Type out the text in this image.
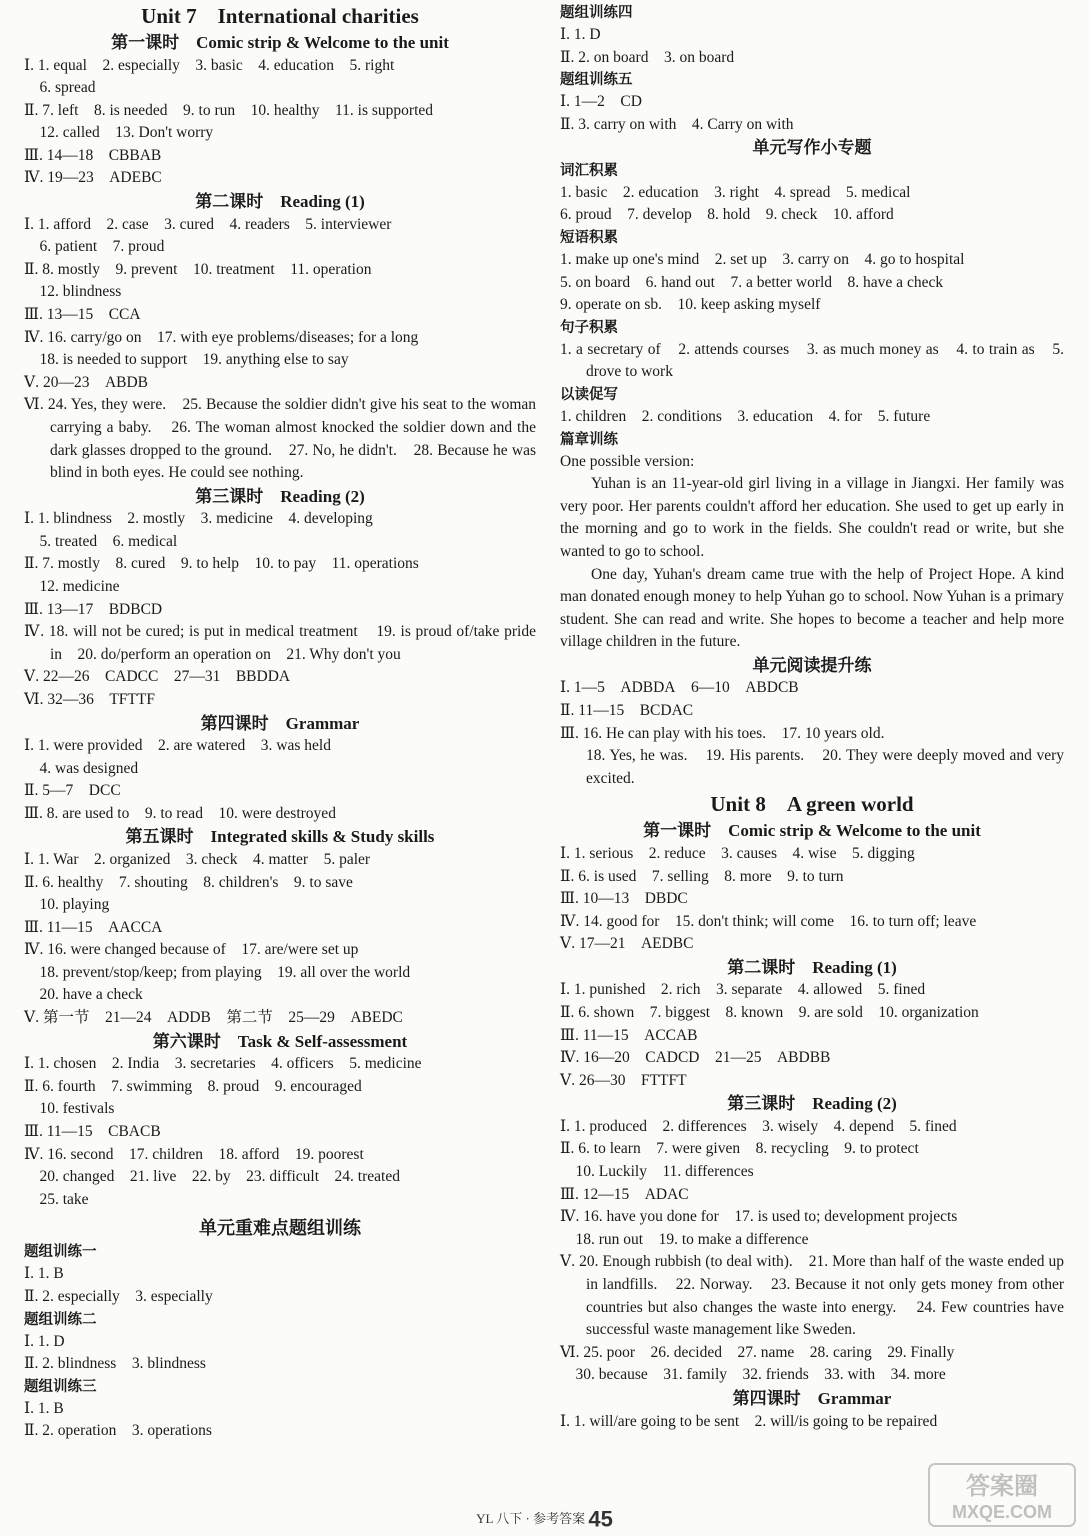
Unit 7    International charities
第一课时    Comic strip & Welcome to the unit
Ⅰ. 1. equal    2. especially    3. basic    4. education    5. right
6. spread
Ⅱ. 7. left    8. is needed    9. to run    10. healthy    11. is supported
12. called    13. Don't worry
Ⅲ. 14—18    CBBAB
Ⅳ. 19—23    ADEBC
第二课时    Reading (1)
Ⅰ. 1. afford    2. case    3. cured    4. readers    5. interviewer
6. patient    7. proud
Ⅱ. 8. mostly    9. prevent    10. treatment    11. operation
12. blindness
Ⅲ. 13—15    CCA
Ⅳ. 16. carry/go on    17. with eye problems/diseases; for a long
18. is needed to support    19. anything else to say
Ⅴ. 20—23    ABDB
Ⅵ. 24. Yes, they were.    25. Because the soldier didn't give his seat to the woman carrying a baby.    26. The woman almost knocked the soldier down and the dark glasses dropped to the ground.    27. No, he didn't.    28. Because he was blind in both eyes. He could see nothing.
第三课时    Reading (2)
Ⅰ. 1. blindness    2. mostly    3. medicine    4. developing
5. treated    6. medical
Ⅱ. 7. mostly    8. cured    9. to help    10. to pay    11. operations
12. medicine
Ⅲ. 13—17    BDBCD
Ⅳ. 18. will not be cured; is put in medical treatment    19. is proud of/take pride in    20. do/perform an operation on    21. Why don't you
Ⅴ. 22—26    CADCC    27—31    BBDDA
Ⅵ. 32—36    TFTTF
第四课时    Grammar
Ⅰ. 1. were provided    2. are watered    3. was held
4. was designed
Ⅱ. 5—7    DCC
Ⅲ. 8. are used to    9. to read    10. were destroyed
第五课时    Integrated skills & Study skills
Ⅰ. 1. War    2. organized    3. check    4. matter    5. paler
Ⅱ. 6. healthy    7. shouting    8. children's    9. to save
10. playing
Ⅲ. 11—15    AACCA
Ⅳ. 16. were changed because of    17. are/were set up
18. prevent/stop/keep; from playing    19. all over the world
20. have a check
Ⅴ. 第一节    21—24    ADDB    第二节    25—29    ABEDC
第六课时    Task & Self-assessment
Ⅰ. 1. chosen    2. India    3. secretaries    4. officers    5. medicine
Ⅱ. 6. fourth    7. swimming    8. proud    9. encouraged
10. festivals
Ⅲ. 11—15    CBACB
Ⅳ. 16. second    17. children    18. afford    19. poorest
20. changed    21. live    22. by    23. difficult    24. treated
25. take
单元重难点题组训练
题组训练一
Ⅰ. 1. B
Ⅱ. 2. especially    3. especially
题组训练二
Ⅰ. 1. D
Ⅱ. 2. blindness    3. blindness
题组训练三
Ⅰ. 1. B
Ⅱ. 2. operation    3. operations
题组训练四
Ⅰ. 1. D
Ⅱ. 2. on board    3. on board
题组训练五
Ⅰ. 1—2    CD
Ⅱ. 3. carry on with    4. Carry on with
单元写作小专题
词汇积累
1. basic    2. education    3. right    4. spread    5. medical
6. proud    7. develop    8. hold    9. check    10. afford
短语积累
1. make up one's mind    2. set up    3. carry on    4. go to hospital
5. on board    6. hand out    7. a better world    8. have a check
9. operate on sb.    10. keep asking myself
句子积累
1. a secretary of    2. attends courses    3. as much money as    4. to train as    5. drove to work
以读促写
1. children    2. conditions    3. education    4. for    5. future
篇章训练
One possible version:
Yuhan is an 11-year-old girl living in a village in Jiangxi. Her family was very poor. Her parents couldn't afford her education. She used to get up early in the morning and go to work in the fields. She couldn't read or write, but she wanted to go to school.
One day, Yuhan's dream came true with the help of Project Hope. A kind man donated enough money to help Yuhan go to school. Now Yuhan is a primary student. She can read and write. She hopes to become a teacher and help more village children in the future.
单元阅读提升练
Ⅰ. 1—5    ADBDA    6—10    ABDCB
Ⅱ. 11—15    BCDAC
Ⅲ. 16. He can play with his toes.    17. 10 years old.
18. Yes, he was.    19. His parents.    20. They were deeply moved and very excited.
Unit 8    A green world
第一课时    Comic strip & Welcome to the unit
Ⅰ. 1. serious    2. reduce    3. causes    4. wise    5. digging
Ⅱ. 6. is used    7. selling    8. more    9. to turn
Ⅲ. 10—13    DBDC
Ⅳ. 14. good for    15. don't think; will come    16. to turn off; leave
Ⅴ. 17—21    AEDBC
第二课时    Reading (1)
Ⅰ. 1. punished    2. rich    3. separate    4. allowed    5. fined
Ⅱ. 6. shown    7. biggest    8. known    9. are sold    10. organization
Ⅲ. 11—15    ACCAB
Ⅳ. 16—20    CADCD    21—25    ABDBB
Ⅴ. 26—30    FTTFT
第三课时    Reading (2)
Ⅰ. 1. produced    2. differences    3. wisely    4. depend    5. fined
Ⅱ. 6. to learn    7. were given    8. recycling    9. to protect
10. Luckily    11. differences
Ⅲ. 12—15    ADAC
Ⅳ. 16. have you done for    17. is used to; development projects
18. run out    19. to make a difference
Ⅴ. 20. Enough rubbish (to deal with).    21. More than half of the waste ended up in landfills.    22. Norway.    23. Because it not only gets money from other countries but also changes the waste into energy.    24. Few countries have successful waste management like Sweden.
Ⅵ. 25. poor    26. decided    27. name    28. caring    29. Finally
30. because    31. family    32. friends    33. with    34. more
第四课时    Grammar
Ⅰ. 1. will/are going to be sent    2. will/is going to be repaired
YL 八下 · 参考答案 45
答案圈
MXQE.COM
